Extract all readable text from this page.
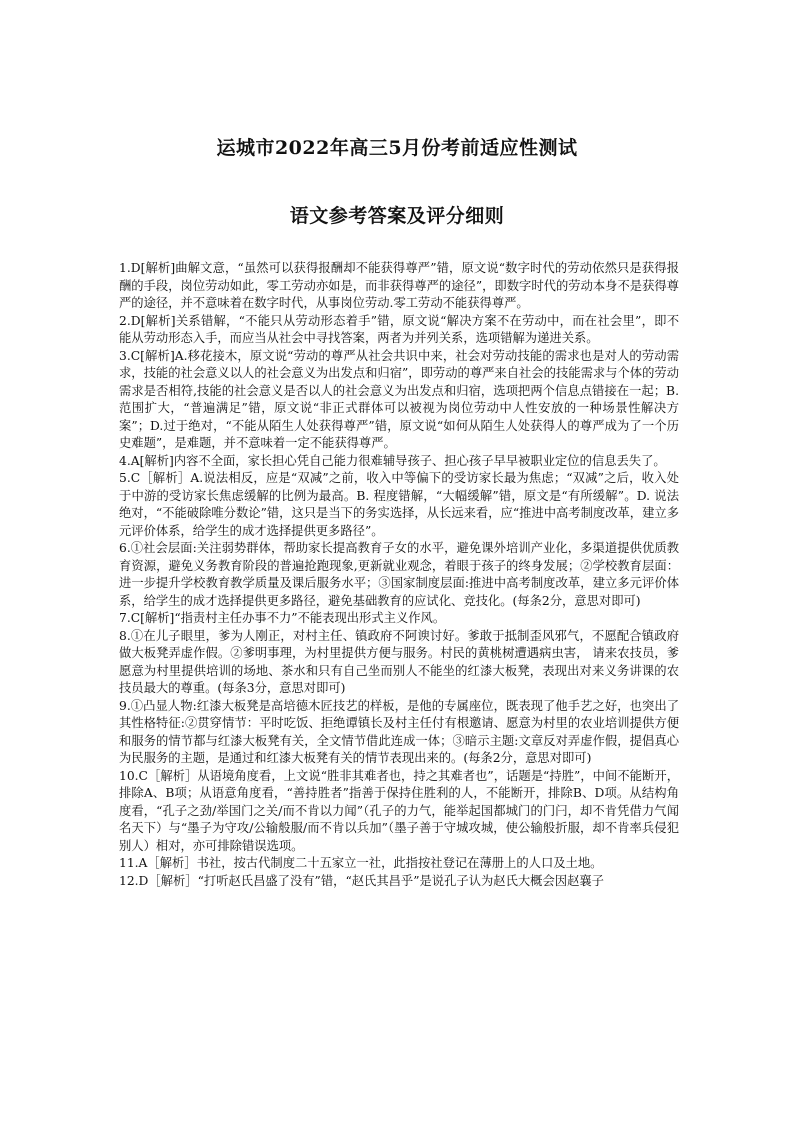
运城市2022年高三5月份考前适应性测试
语文参考答案及评分细则

1.D[解析]曲解文意，“虽然可以获得报酬却不能获得尊严”错，原文说“数字时代的劳动依然只是获得报酬的手段，岗位劳动如此，零工劳动亦如是，而非获得尊严的途径”，即数字时代的劳动本身不是获得尊严的途径，并不意味着在数字时代，从事岗位劳动.零工劳动不能获得尊严。

2.D[解析]关系错解，“不能只从劳动形态着手”错，原文说“解决方案不在劳动中，而在社会里”，即不能从劳动形态入手，而应当从社会中寻找答案，两者为并列关系，选项错解为递进关系。

3.C[解析]A.移花接木，原文说“劳动的尊严从社会共识中来，社会对劳动技能的需求也是对人的劳动需求，技能的社会意义以人的社会意义为出发点和归宿”，即劳动的尊严来自社会的技能需求与个体的劳动需求是否相符,技能的社会意义是否以人的社会意义为出发点和归宿，选项把两个信息点错接在一起；B.范围扩大，“普遍满足”错，原文说“非正式群体可以被视为岗位劳动中人性安放的一种场景性解决方案”；D.过于绝对，“不能从陌生人处获得尊严”错，原文说“如何从陌生人处获得人的尊严成为了一个历史难题”，是难题，并不意味着一定不能获得尊严。

4.A[解析]内容不全面，家长担心凭自己能力很难辅导孩子、担心孩子早早被职业定位的信息丢失了。

5.C［解析］A.说法相反，应是“双减”之前，收入中等偏下的受访家长最为焦虑；“双减”之后，收入处于中游的受访家长焦虑缓解的比例为最高。B. 程度错解，“大幅缓解”错，原文是“有所缓解”。D. 说法绝对，“不能破除唯分数论”错，这只是当下的务实选择，从长远来看，应“推进中高考制度改革，建立多元评价体系，给学生的成才选择提供更多路径”。

6.①社会层面:关注弱势群体，帮助家长提高教育子女的水平，避免课外培训产业化，多渠道提供优质教育资源，避免义务教育阶段的普遍抢跑现象,更新就业观念，着眼于孩子的终身发展；②学校教育层面：进一步提升学校教育教学质量及课后服务水平；③国家制度层面:推进中高考制度改革，建立多元评价体系，给学生的成才选择提供更多路径，避免基础教育的应试化、竞技化。(每条2分，意思对即可)

7.C[解析]“指责村主任办事不力”不能表现出形式主义作风。

8.①在儿子眼里，爹为人刚正，对村主任、镇政府不阿谀讨好。爹敢于抵制歪风邪气，不愿配合镇政府做大板凳弄虚作假。②爹明事理，为村里提供方便与服务。村民的黄桃树遭遇病虫害， 请来农技员，爹愿意为村里提供培训的场地、茶水和只有自己坐而别人不能坐的红漆大板凳，表现出对来义务讲课的农技员最大的尊重。(每条3分，意思对即可)

9.①凸显人物:红漆大板凳是高培德木匠技艺的样板，是他的专属座位，既表现了他手艺之好，也突出了其性格特征:②贯穿情节：平时吃饭、拒绝谭镇长及村主任付有根邀请、愿意为村里的农业培训提供方便和服务的情节都与红漆大板凳有关，全文情节借此连成一体；③暗示主题:文章反对弄虚作假，提倡真心为民服务的主题，是通过和红漆大板凳有关的情节表现出来的。(每条2分，意思对即可)

10.C［解析］从语境角度看，上文说“胜非其难者也，持之其难者也”，话题是“持胜”，中间不能断开，排除A、B项；从语意角度看，“善持胜者”指善于保持住胜利的人，不能断开，排除B、D项。从结构角度看，“孔子之劲/举国门之关/而不肯以力闻”（孔子的力气，能举起国都城门的门闩，却不肯凭借力气闻名天下）与“墨子为守攻/公输般服/而不肯以兵加”（墨子善于守城攻城，使公输般折服，却不肯率兵侵犯别人）相对，亦可排除错误选项。

11.A［解析］书社，按古代制度二十五家立一社，此指按社登记在薄册上的人口及土地。

12.D［解析］“打听赵氏昌盛了没有”错，“赵氏其昌乎”是说孔子认为赵氏大概会因赵襄子
